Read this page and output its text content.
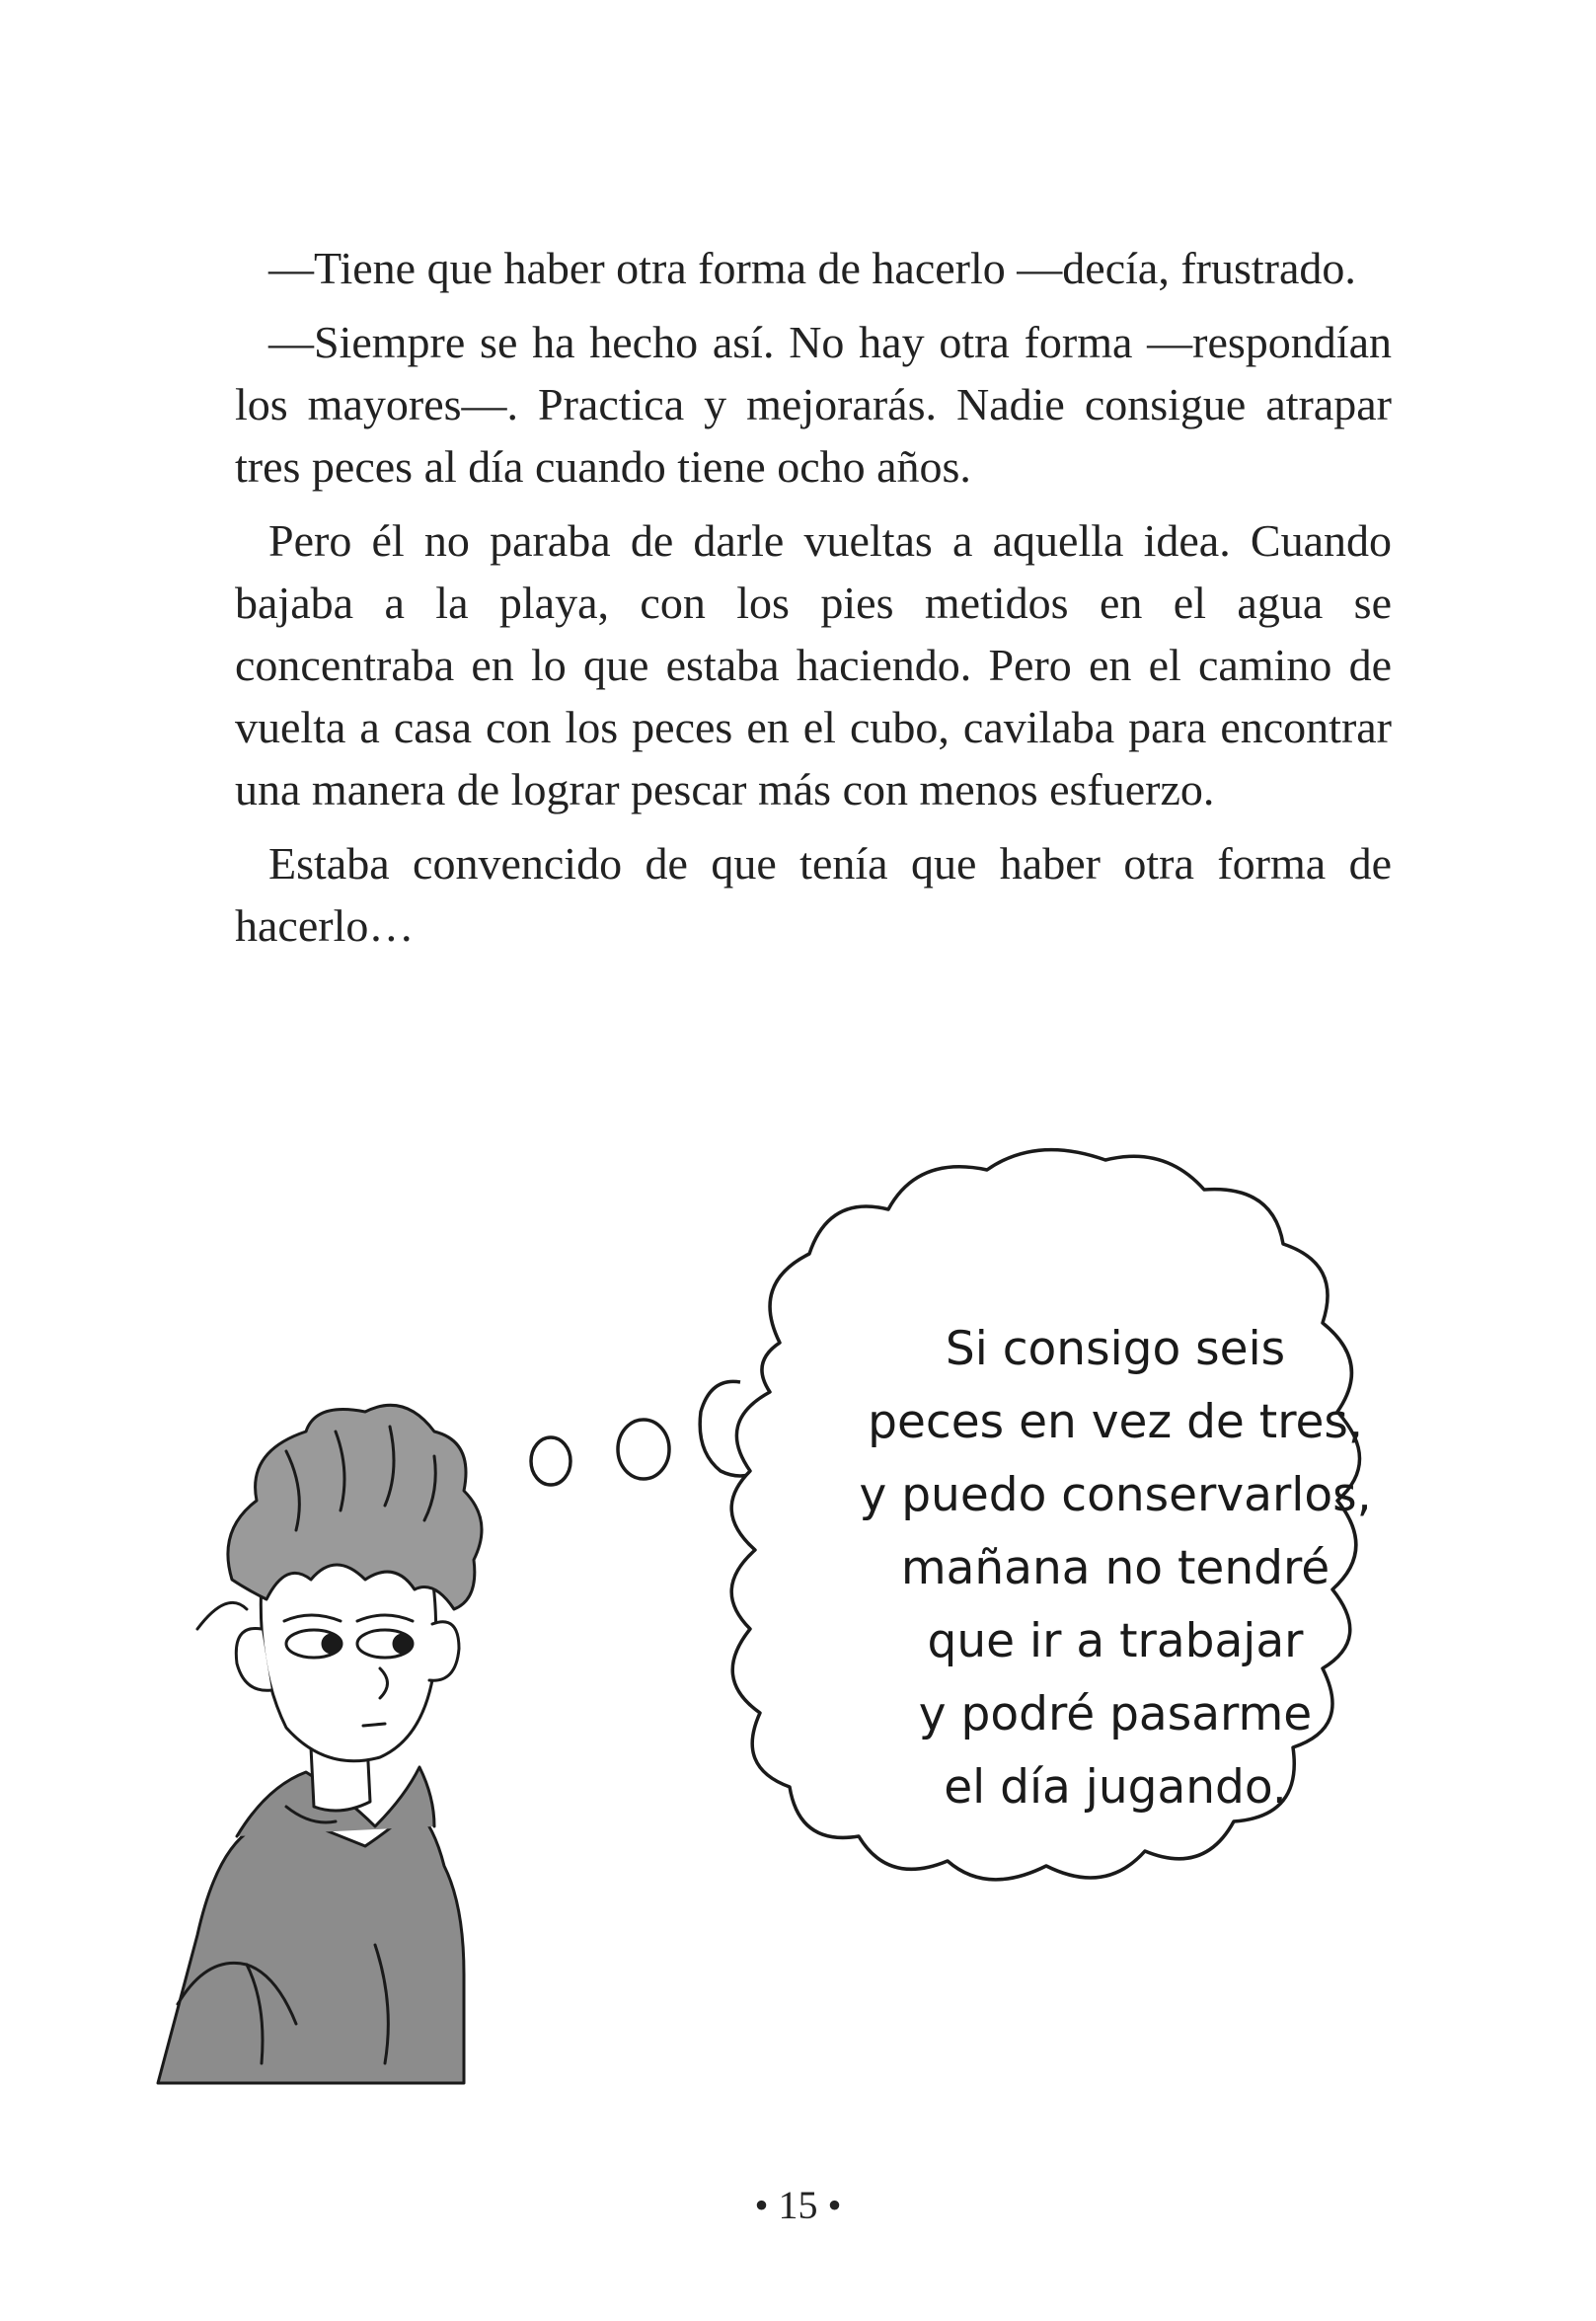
—Tiene que haber otra forma de hacerlo —decía, frustrado.

—Siempre se ha hecho así. No hay otra forma —respondían los mayores—. Practica y mejorarás. Nadie consigue atrapar tres peces al día cuando tiene ocho años.

Pero él no paraba de darle vueltas a aquella idea. Cuando bajaba a la playa, con los pies metidos en el agua se concentraba en lo que estaba haciendo. Pero en el camino de vuelta a casa con los peces en el cubo, cavilaba para encontrar una manera de lograr pescar más con menos esfuerzo.

Estaba convencido de que tenía que haber otra forma de hacerlo…

Si consigo seis
peces en vez de tres,
y puedo conservarlos,
mañana no tendré
que ir a trabajar
y podré pasarme
el día jugando.
• 15 •
